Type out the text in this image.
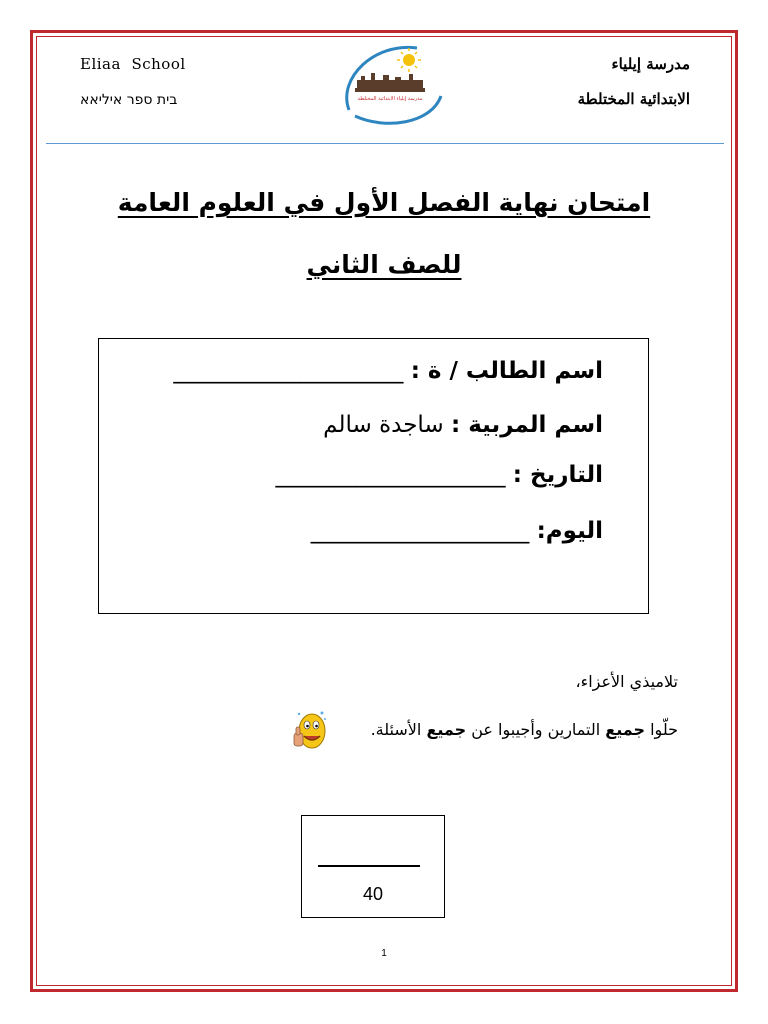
Eliaa  School
בית ספר איליאא
مدرسة إيلياء
الابتدائية المختلطة
مدرسة إيلياء الابتدائية المختلطة
امتحان نهاية الفصل الأول في العلوم العامة
للصف الثاني
اسم الطالب / ة : ____________________
اسم المربية : ساجدة سالم
التاريخ : ____________________
اليوم: ___________________
تلاميذي الأعزاء،
حلّوا جميع التمارين وأجيبوا عن جميع الأسئلة.
40
1
